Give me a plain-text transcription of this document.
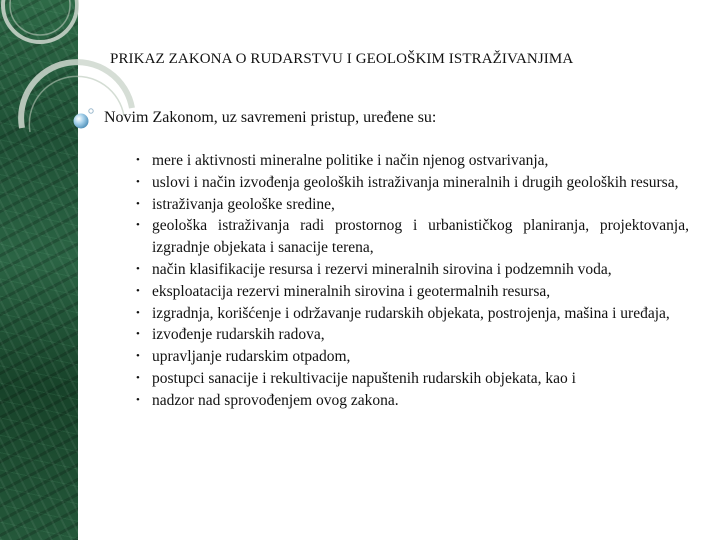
PRIKAZ ZAKONA O RUDARSTVU I GEOLOŠKIM ISTRAŽIVANJIMA
Novim Zakonom, uz savremeni pristup, uređene su:
• mere i aktivnosti mineralne politike i način njenog ostvarivanja,
• uslovi i način izvođenja geoloških istraživanja mineralnih i drugih geoloških resursa,
• istraživanja geološke sredine,
• geološka istraživanja radi prostornog i urbanističkog planiranja, projektovanja, izgradnje objekata i sanacije terena,
• način klasifikacije resursa i rezervi mineralnih sirovina i podzemnih voda,
• eksploatacija rezervi mineralnih sirovina i geotermalnih resursa,
• izgradnja, korišćenje i održavanje rudarskih objekata, postrojenja, mašina i uređaja,
• izvođenje rudarskih radova,
• upravljanje rudarskim otpadom,
• postupci sanacije i rekultivacije napuštenih rudarskih objekata, kao i
• nadzor nad sprovođenjem ovog zakona.
